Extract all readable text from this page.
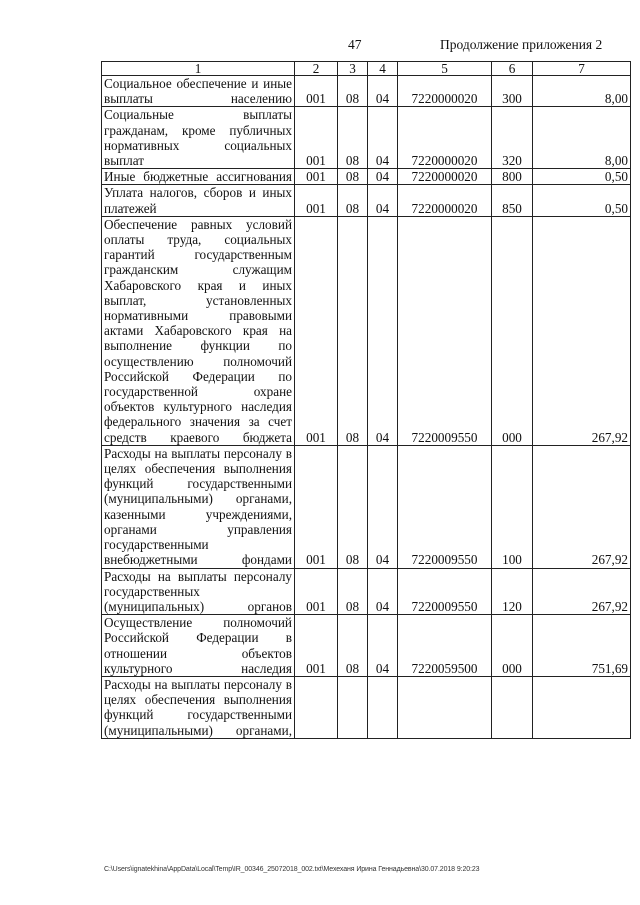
47	Продолжение приложения 2
1	2	3	4	5	6	7
Социальное обеспечение и иные выплаты населению	001	08	04	7220000020	300	8,00
Социальные выплаты гражданам, кроме публичных нормативных социальных выплат	001	08	04	7220000020	320	8,00
Иные бюджетные ассигнования	001	08	04	7220000020	800	0,50
Уплата налогов, сборов и иных платежей	001	08	04	7220000020	850	0,50
Обеспечение равных условий оплаты труда, социальных гарантий государственным гражданским служащим Хабаровского края и иных выплат, установленных нормативными правовыми актами Хабаровского края на выполнение функции по осуществлению полномочий Российской Федерации по государственной охране объектов культурного наследия федерального значения за счет средств краевого бюджета	001	08	04	7220009550	000	267,92
Расходы на выплаты персоналу в целях обеспечения выполнения функций государственными (муниципальными) органами, казенными учреждениями, органами управления государственными внебюджетными фондами	001	08	04	7220009550	100	267,92
Расходы на выплаты персоналу государственных (муниципальных) органов	001	08	04	7220009550	120	267,92
Осуществление полномочий Российской Федерации в отношении объектов культурного наследия	001	08	04	7220059500	000	751,69
Расходы на выплаты персоналу в целях обеспечения выполнения функций государственными (муниципальными) органами,						
C:\Users\ignatekhina\AppData\Local\Temp\IR_00346_25072018_002.txt\Мехеханя Ирина Геннадьевна\30.07.2018 9:20:23
